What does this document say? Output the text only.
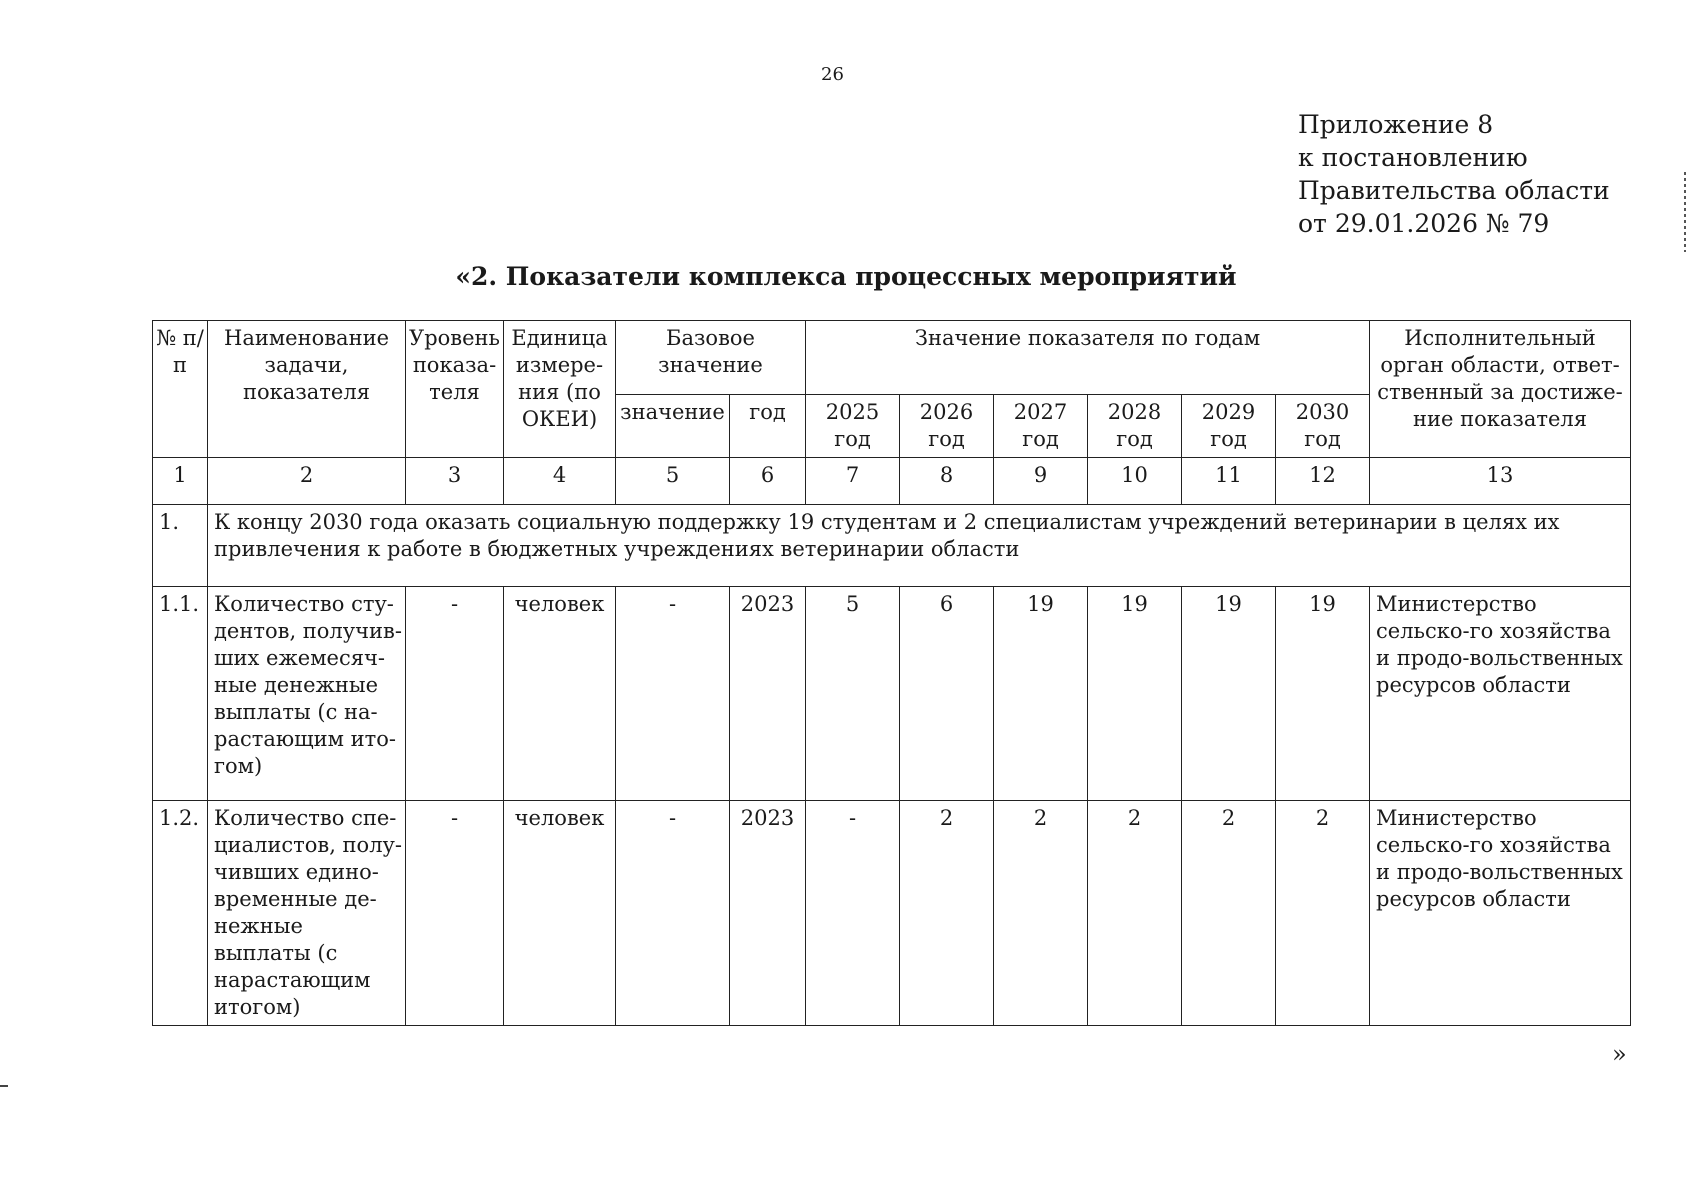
26
Приложение 8
к постановлению
Правительства области
от 29.01.2026 № 79
«2. Показатели комплекса процессных мероприятий
№ п/п	Наименование задачи, показателя	Уровень показа-теля	Единица измере-ния (по ОКЕИ)	Базовое значение		Значение показателя по годам						Исполнительный орган области, ответ-ственный за достиже-ние показателя
				значение	год	2025 год	2026 год	2027 год	2028 год	2029 год	2030 год	
1	2	3	4	5	6	7	8	9	10	11	12	13
1.	К концу 2030 года оказать социальную поддержку 19 студентам и 2 специалистам учреждений ветеринарии в целях их привлечения к работе в бюджетных учреждениях ветеринарии области											
1.1.	Количество сту-дентов, получив-ших ежемесяч-ные денежные выплаты (с на-растающим ито-гом)	-	человек	-	2023	5	6	19	19	19	19	Министерство сельско-го хозяйства и продо-вольственных ресурсов области
1.2.	Количество спе-циалистов, полу-чивших едино-временные де-нежные выплаты (с нарастающим итогом)	-	человек	-	2023	-	2	2	2	2	2	Министерство сельско-го хозяйства и продо-вольственных ресурсов области
»
